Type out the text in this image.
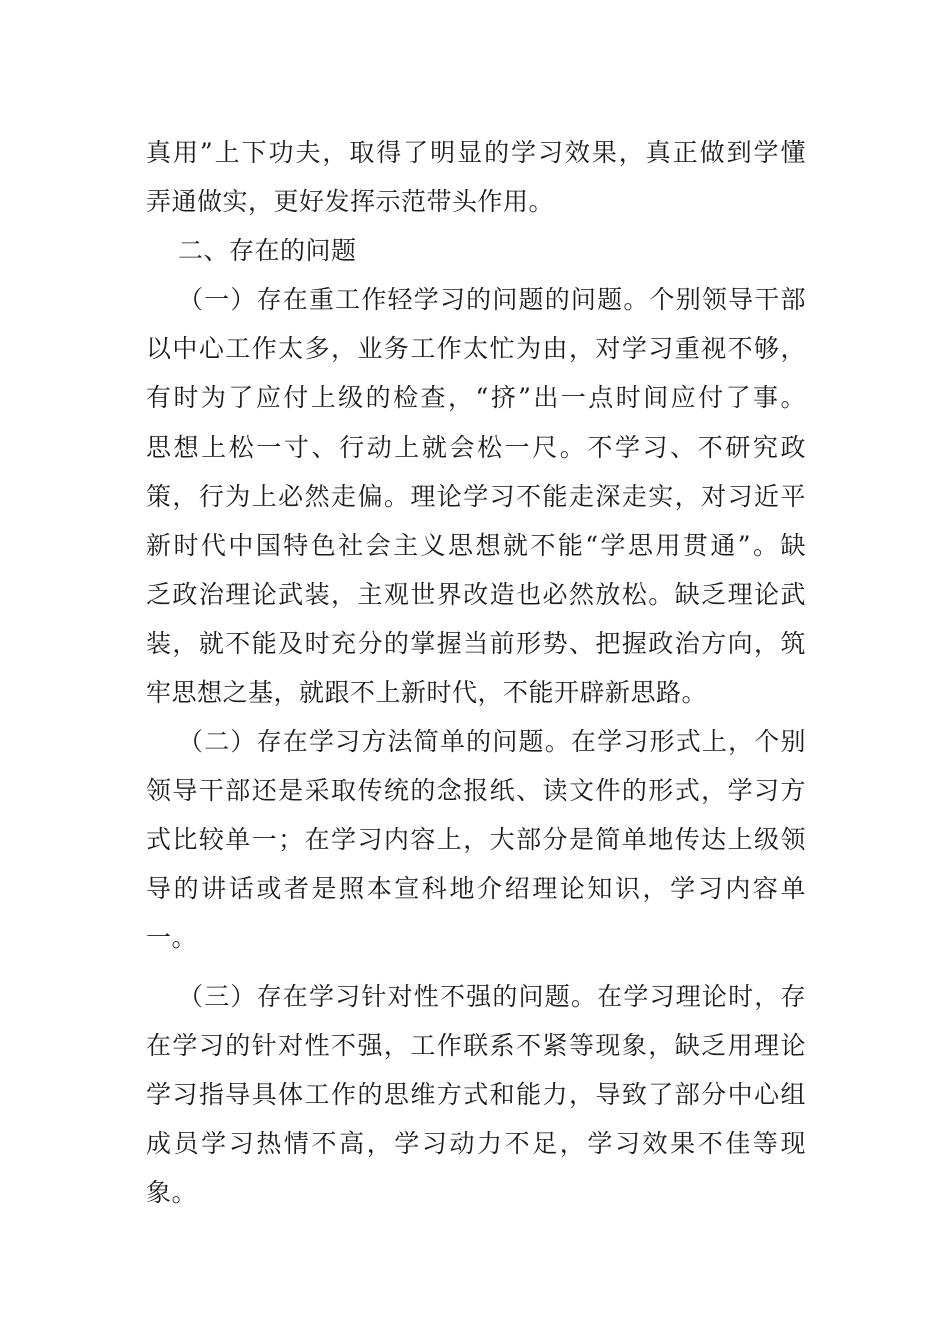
真用”上下功夫，取得了明显的学习效果，真正做到学懂
弄通做实，更好发挥示范带头作用。
二、存在的问题
（一）存在重工作轻学习的问题的问题。个别领导干部
以中心工作太多，业务工作太忙为由，对学习重视不够，
有时为了应付上级的检查，“挤”出一点时间应付了事。
思想上松一寸、行动上就会松一尺。不学习、不研究政
策，行为上必然走偏。理论学习不能走深走实，对习近平
新时代中国特色社会主义思想就不能“学思用贯通”。缺
乏政治理论武装，主观世界改造也必然放松。缺乏理论武
装，就不能及时充分的掌握当前形势、把握政治方向，筑
牢思想之基，就跟不上新时代，不能开辟新思路。
（二）存在学习方法简单的问题。在学习形式上，个别
领导干部还是采取传统的念报纸、读文件的形式，学习方
式比较单一；在学习内容上，大部分是简单地传达上级领
导的讲话或者是照本宣科地介绍理论知识，学习内容单
一。
（三）存在学习针对性不强的问题。在学习理论时，存
在学习的针对性不强，工作联系不紧等现象，缺乏用理论
学习指导具体工作的思维方式和能力，导致了部分中心组
成员学习热情不高，学习动力不足，学习效果不佳等现
象。
